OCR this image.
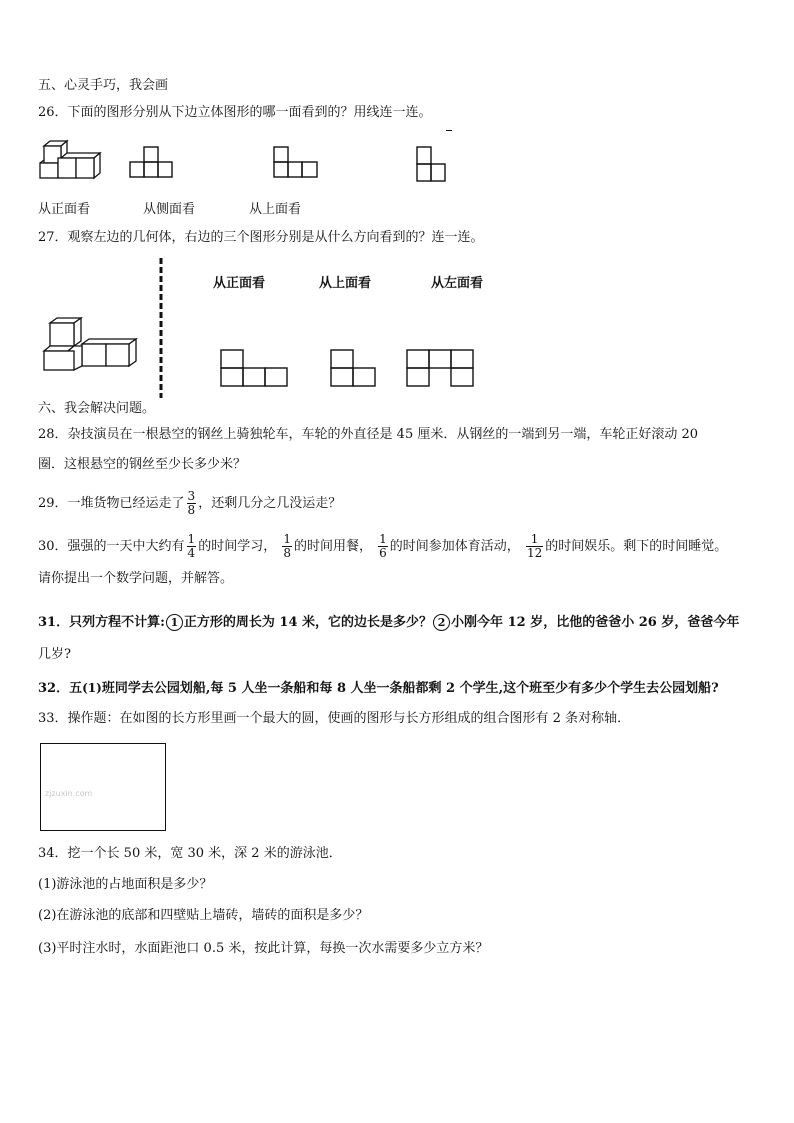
五、心灵手巧，我会画
26．下面的图形分别从下边立体图形的哪一面看到的？用线连一连。
从正面看	从侧面看	从上面看
27．观察左边的几何体，右边的三个图形分别是从什么方向看到的？连一连。
从正面看	从上面看	从左面看
六、我会解决问题。
28．杂技演员在一根悬空的钢丝上骑独轮车，车轮的外直径是 45 厘米．从钢丝的一端到另一端，车轮正好滚动 20
圈．这根悬空的钢丝至少长多少米？
29．一堆货物已经运走了 $\frac{3}{8}$ ，还剩几分之几没运走？
30．强强的一天中大约有 $\frac{1}{4}$ 的时间学习， $\frac{1}{8}$ 的时间用餐， $\frac{1}{6}$ 的时间参加体育活动， $\frac{1}{12}$ 的时间娱乐。剩下的时间睡觉。
请你提出一个数学问题，并解答。
31．只列方程不计算: 1 正方形的周长为 14 米，它的边长是多少？ 2 小刚今年 12 岁，比他的爸爸小 26 岁，爸爸今年
几岁?
32．五(1)班同学去公园划船,每 5 人坐一条船和每 8 人坐一条船都剩 2 个学生,这个班至少有多少个学生去公园划船?
33．操作题：在如图的长方形里画一个最大的圆，使画的图形与长方形组成的组合图形有 2 条对称轴．
zjzuxin.com
34．挖一个长 50 米，宽 30 米，深 2 米的游泳池．
(1)游泳池的占地面积是多少？
(2)在游泳池的底部和四壁贴上墙砖，墙砖的面积是多少？
(3)平时注水时，水面距池口 0.5 米，按此计算，每换一次水需要多少立方米？
